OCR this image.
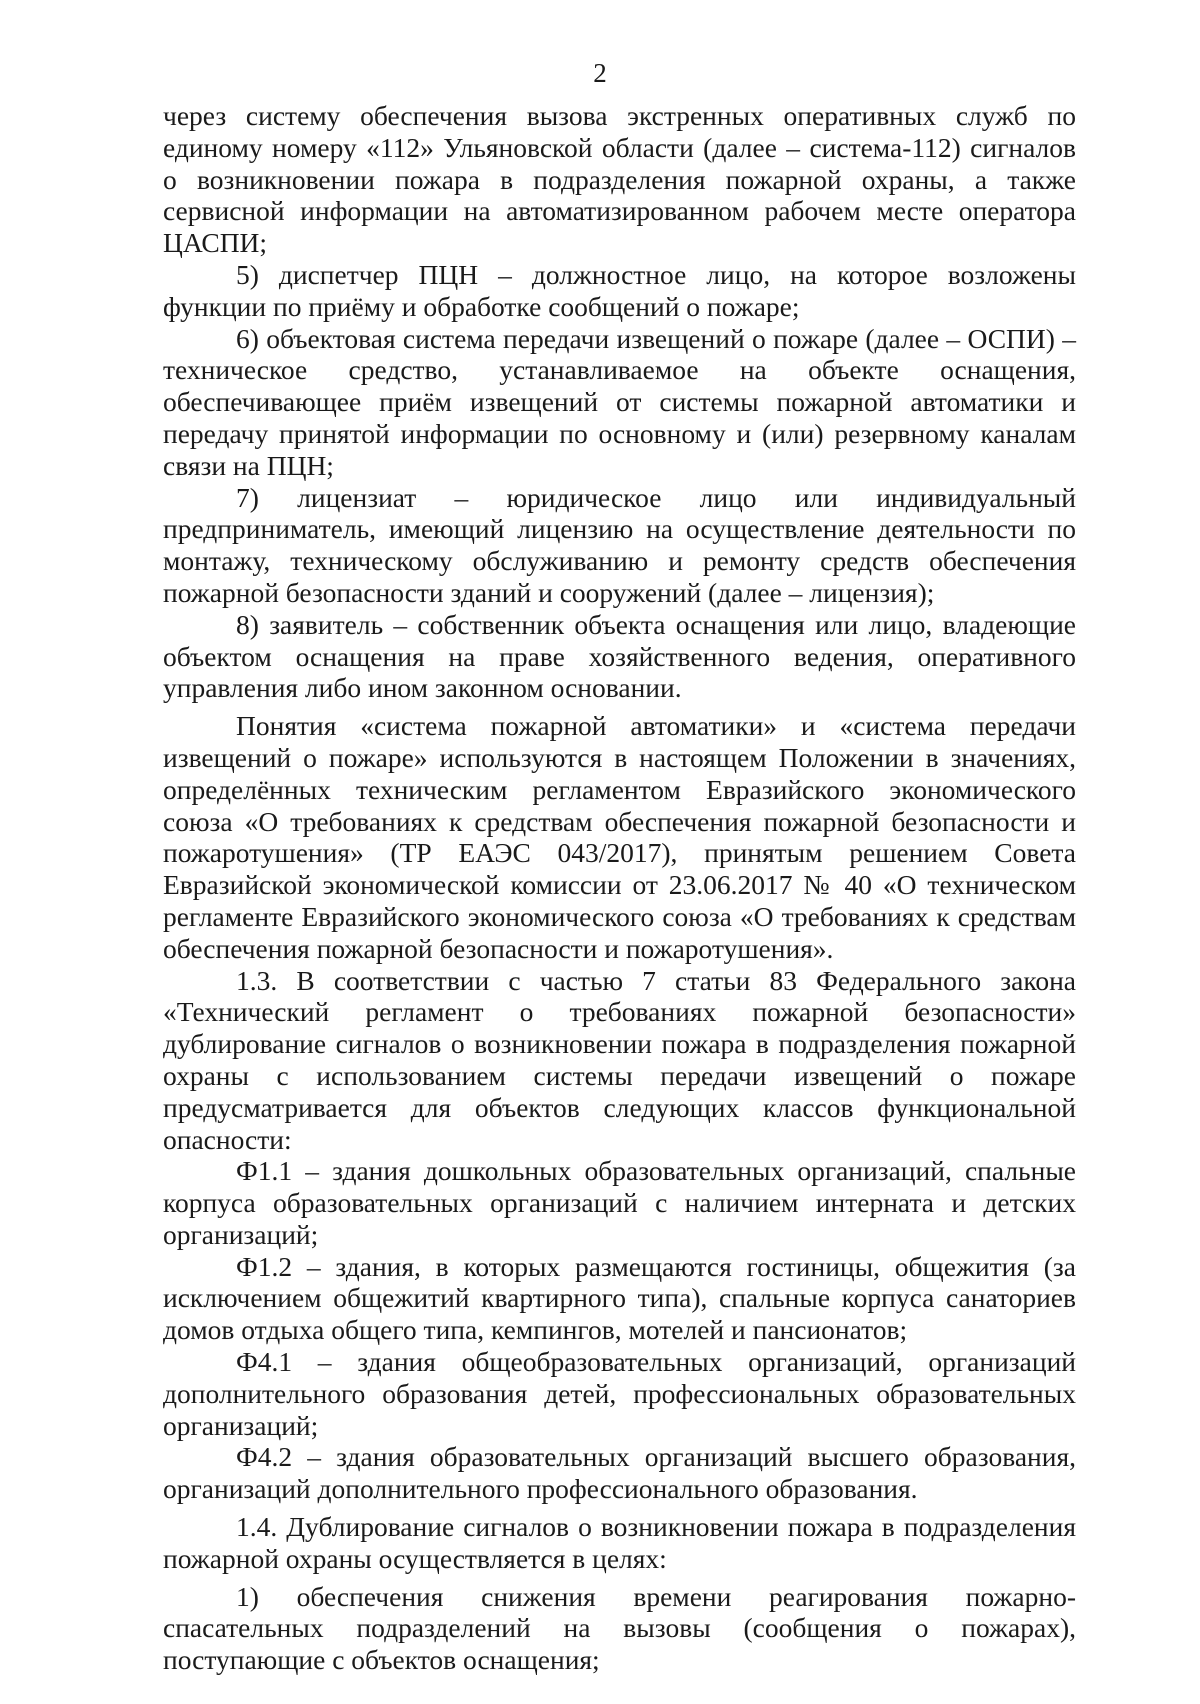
2

через систему обеспечения вызова экстренных оперативных служб по единому номеру «112» Ульяновской области (далее – система-112) сигналов о возникновении пожара в подразделения пожарной охраны, а также сервисной информации на автоматизированном рабочем месте оператора ЦАСПИ;

5) диспетчер ПЦН – должностное лицо, на которое возложены функции по приёму и обработке сообщений о пожаре;

6) объектовая система передачи извещений о пожаре (далее – ОСПИ) – техническое средство, устанавливаемое на объекте оснащения, обеспечивающее приём извещений от системы пожарной автоматики и передачу принятой информации по основному и (или) резервному каналам связи на ПЦН;

7) лицензиат – юридическое лицо или индивидуальный предприниматель, имеющий лицензию на осуществление деятельности по монтажу, техническому обслуживанию и ремонту средств обеспечения пожарной безопасности зданий и сооружений (далее – лицензия);

8) заявитель – собственник объекта оснащения или лицо, владеющие объектом оснащения на праве хозяйственного ведения, оперативного управления либо ином законном основании.

Понятия «система пожарной автоматики» и «система передачи извещений о пожаре» используются в настоящем Положении в значениях, определённых техническим регламентом Евразийского экономического союза «О требованиях к средствам обеспечения пожарной безопасности и пожаротушения» (ТР ЕАЭС 043/2017), принятым решением Совета Евразийской экономической комиссии от 23.06.2017 № 40 «О техническом регламенте Евразийского экономического союза «О требованиях к средствам обеспечения пожарной безопасности и пожаротушения».

1.3. В соответствии с частью 7 статьи 83 Федерального закона «Технический регламент о требованиях пожарной безопасности» дублирование сигналов о возникновении пожара в подразделения пожарной охраны с использованием системы передачи извещений о пожаре предусматривается для объектов следующих классов функциональной опасности:

Ф1.1 – здания дошкольных образовательных организаций, спальные корпуса образовательных организаций с наличием интерната и детских организаций;

Ф1.2 – здания, в которых размещаются гостиницы, общежития (за исключением общежитий квартирного типа), спальные корпуса санаториев домов отдыха общего типа, кемпингов, мотелей и пансионатов;

Ф4.1 – здания общеобразовательных организаций, организаций дополнительного образования детей, профессиональных образовательных организаций;

Ф4.2 – здания образовательных организаций высшего образования, организаций дополнительного профессионального образования.

1.4. Дублирование сигналов о возникновении пожара в подразделения пожарной охраны осуществляется в целях:

1) обеспечения снижения времени реагирования пожарно-спасательных подразделений на вызовы (сообщения о пожарах), поступающие с объектов оснащения;
